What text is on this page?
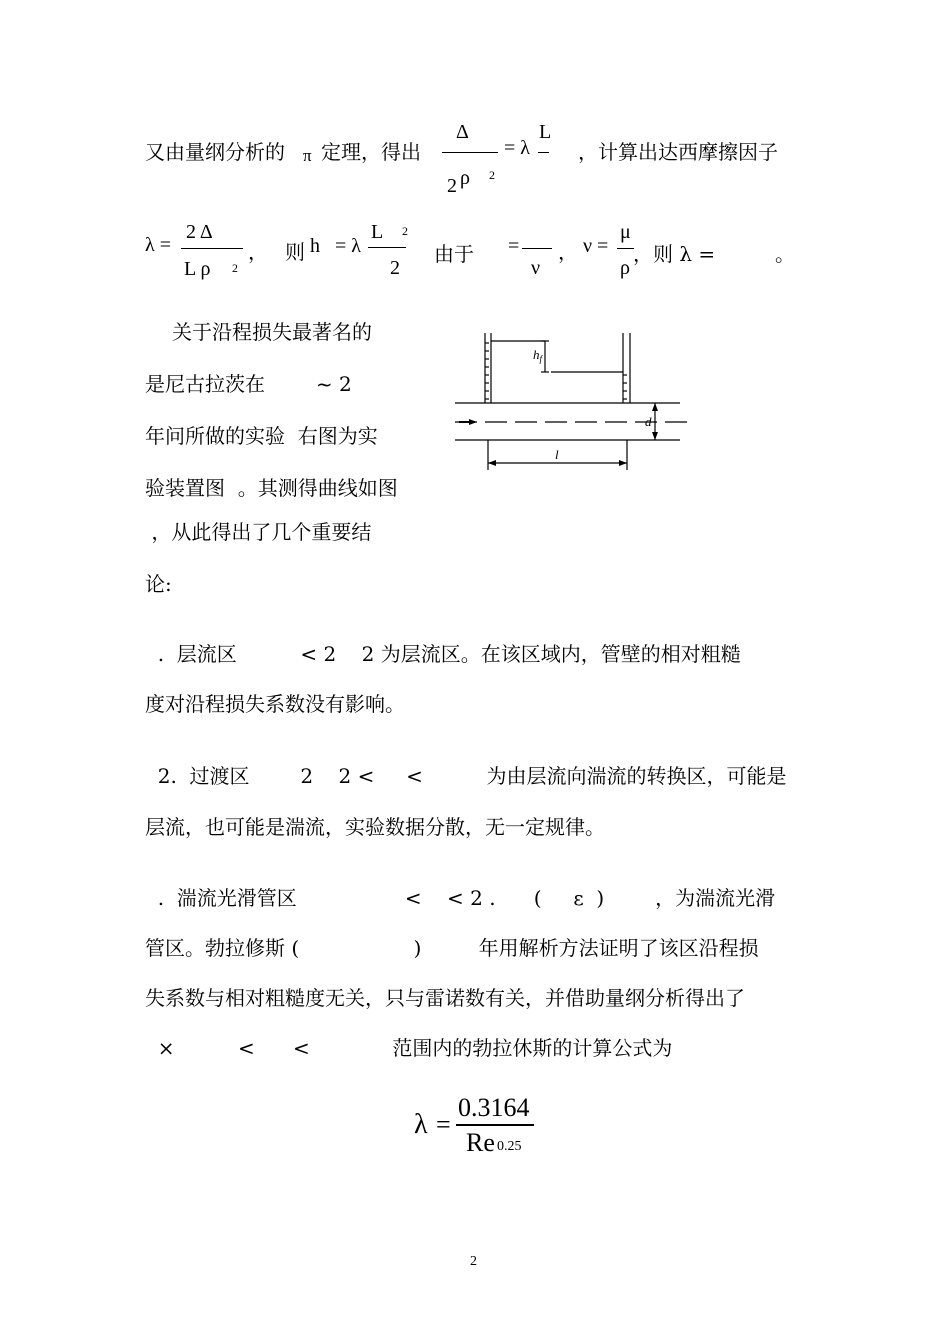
又由量纲分析的 π 定理，得出
Δ
2 ρ 2
= λ
L
，计算出达西摩擦因子
λ =
2 Δ
L ρ 2
， 则 h = λ
L 2
2
由于 =
ν
， ν =
μ
ρ
，则 λ =	。
关于沿程损失最著名的
是尼古拉茨在        ~ 2
年问所做的实验  右图为实
验装置图  。其测得曲线如图
，从此得出了几个重要结
论:
$h_f$
d
l
.  层流区          < 2    2 为层流区。在该区域内，管壁的相对粗糙
度对沿程损失系数没有影响。
2.  过渡区        2    2 <     <          为由层流向湍流的转换区，可能是
层流，也可能是湍流，实验数据分散，无一定规律。
.  湍流光滑管区                 <    < 2 .      (     ε  )        ，为湍流光滑
管区。勃拉修斯 (                  )         年用解析方法证明了该区沿程损
失系数与相对粗糙度无关，只与雷诺数有关，并借助量纲分析得出了
×          <      <             范围内的勃拉休斯的计算公式为
λ =
0.3164
Re 0.25
2
